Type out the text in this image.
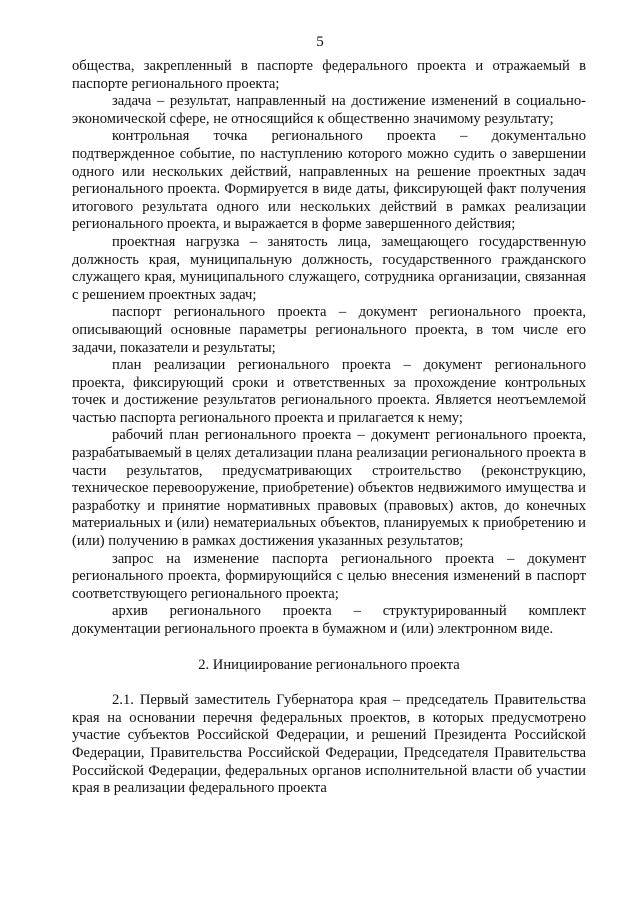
5

общества, закрепленный в паспорте федерального проекта и отражаемый в паспорте регионального проекта;

задача – результат, направленный на достижение изменений в социально-экономической сфере, не относящийся к общественно значимому результату;

контрольная точка регионального проекта – документально подтвержденное событие, по наступлению которого можно судить о завершении одного или нескольких действий, направленных на решение проектных задач регионального проекта. Формируется в виде даты, фиксирующей факт получения итогового результата одного или нескольких действий в рамках реализации регионального проекта, и выражается в форме завершенного действия;

проектная нагрузка – занятость лица, замещающего государственную должность края, муниципальную должность, государственного гражданского служащего края, муниципального служащего, сотрудника организации, связанная с решением проектных задач;

паспорт регионального проекта – документ регионального проекта, описывающий основные параметры регионального проекта, в том числе его задачи, показатели и результаты;

план реализации регионального проекта – документ регионального проекта, фиксирующий сроки и ответственных за прохождение контрольных точек и достижение результатов регионального проекта. Является неотъемлемой частью паспорта регионального проекта и прилагается к нему;

рабочий план регионального проекта – документ регионального проекта, разрабатываемый в целях детализации плана реализации регионального проекта в части результатов, предусматривающих строительство (реконструкцию, техническое перевооружение, приобретение) объектов недвижимого имущества и разработку и принятие нормативных правовых (правовых) актов, до конечных материальных и (или) нематериальных объектов, планируемых к приобретению и (или) получению в рамках достижения указанных результатов;

запрос на изменение паспорта регионального проекта – документ регионального проекта, формирующийся с целью внесения изменений в паспорт соответствующего регионального проекта;

архив регионального проекта – структурированный комплект документации регионального проекта в бумажном и (или) электронном виде.

2. Инициирование регионального проекта

2.1. Первый заместитель Губернатора края – председатель Правительства края на основании перечня федеральных проектов, в которых предусмотрено участие субъектов Российской Федерации, и решений Президента Российской Федерации, Правительства Российской Федерации, Председателя Правительства Российской Федерации, федеральных органов исполнительной власти об участии края в реализации федерального проекта
